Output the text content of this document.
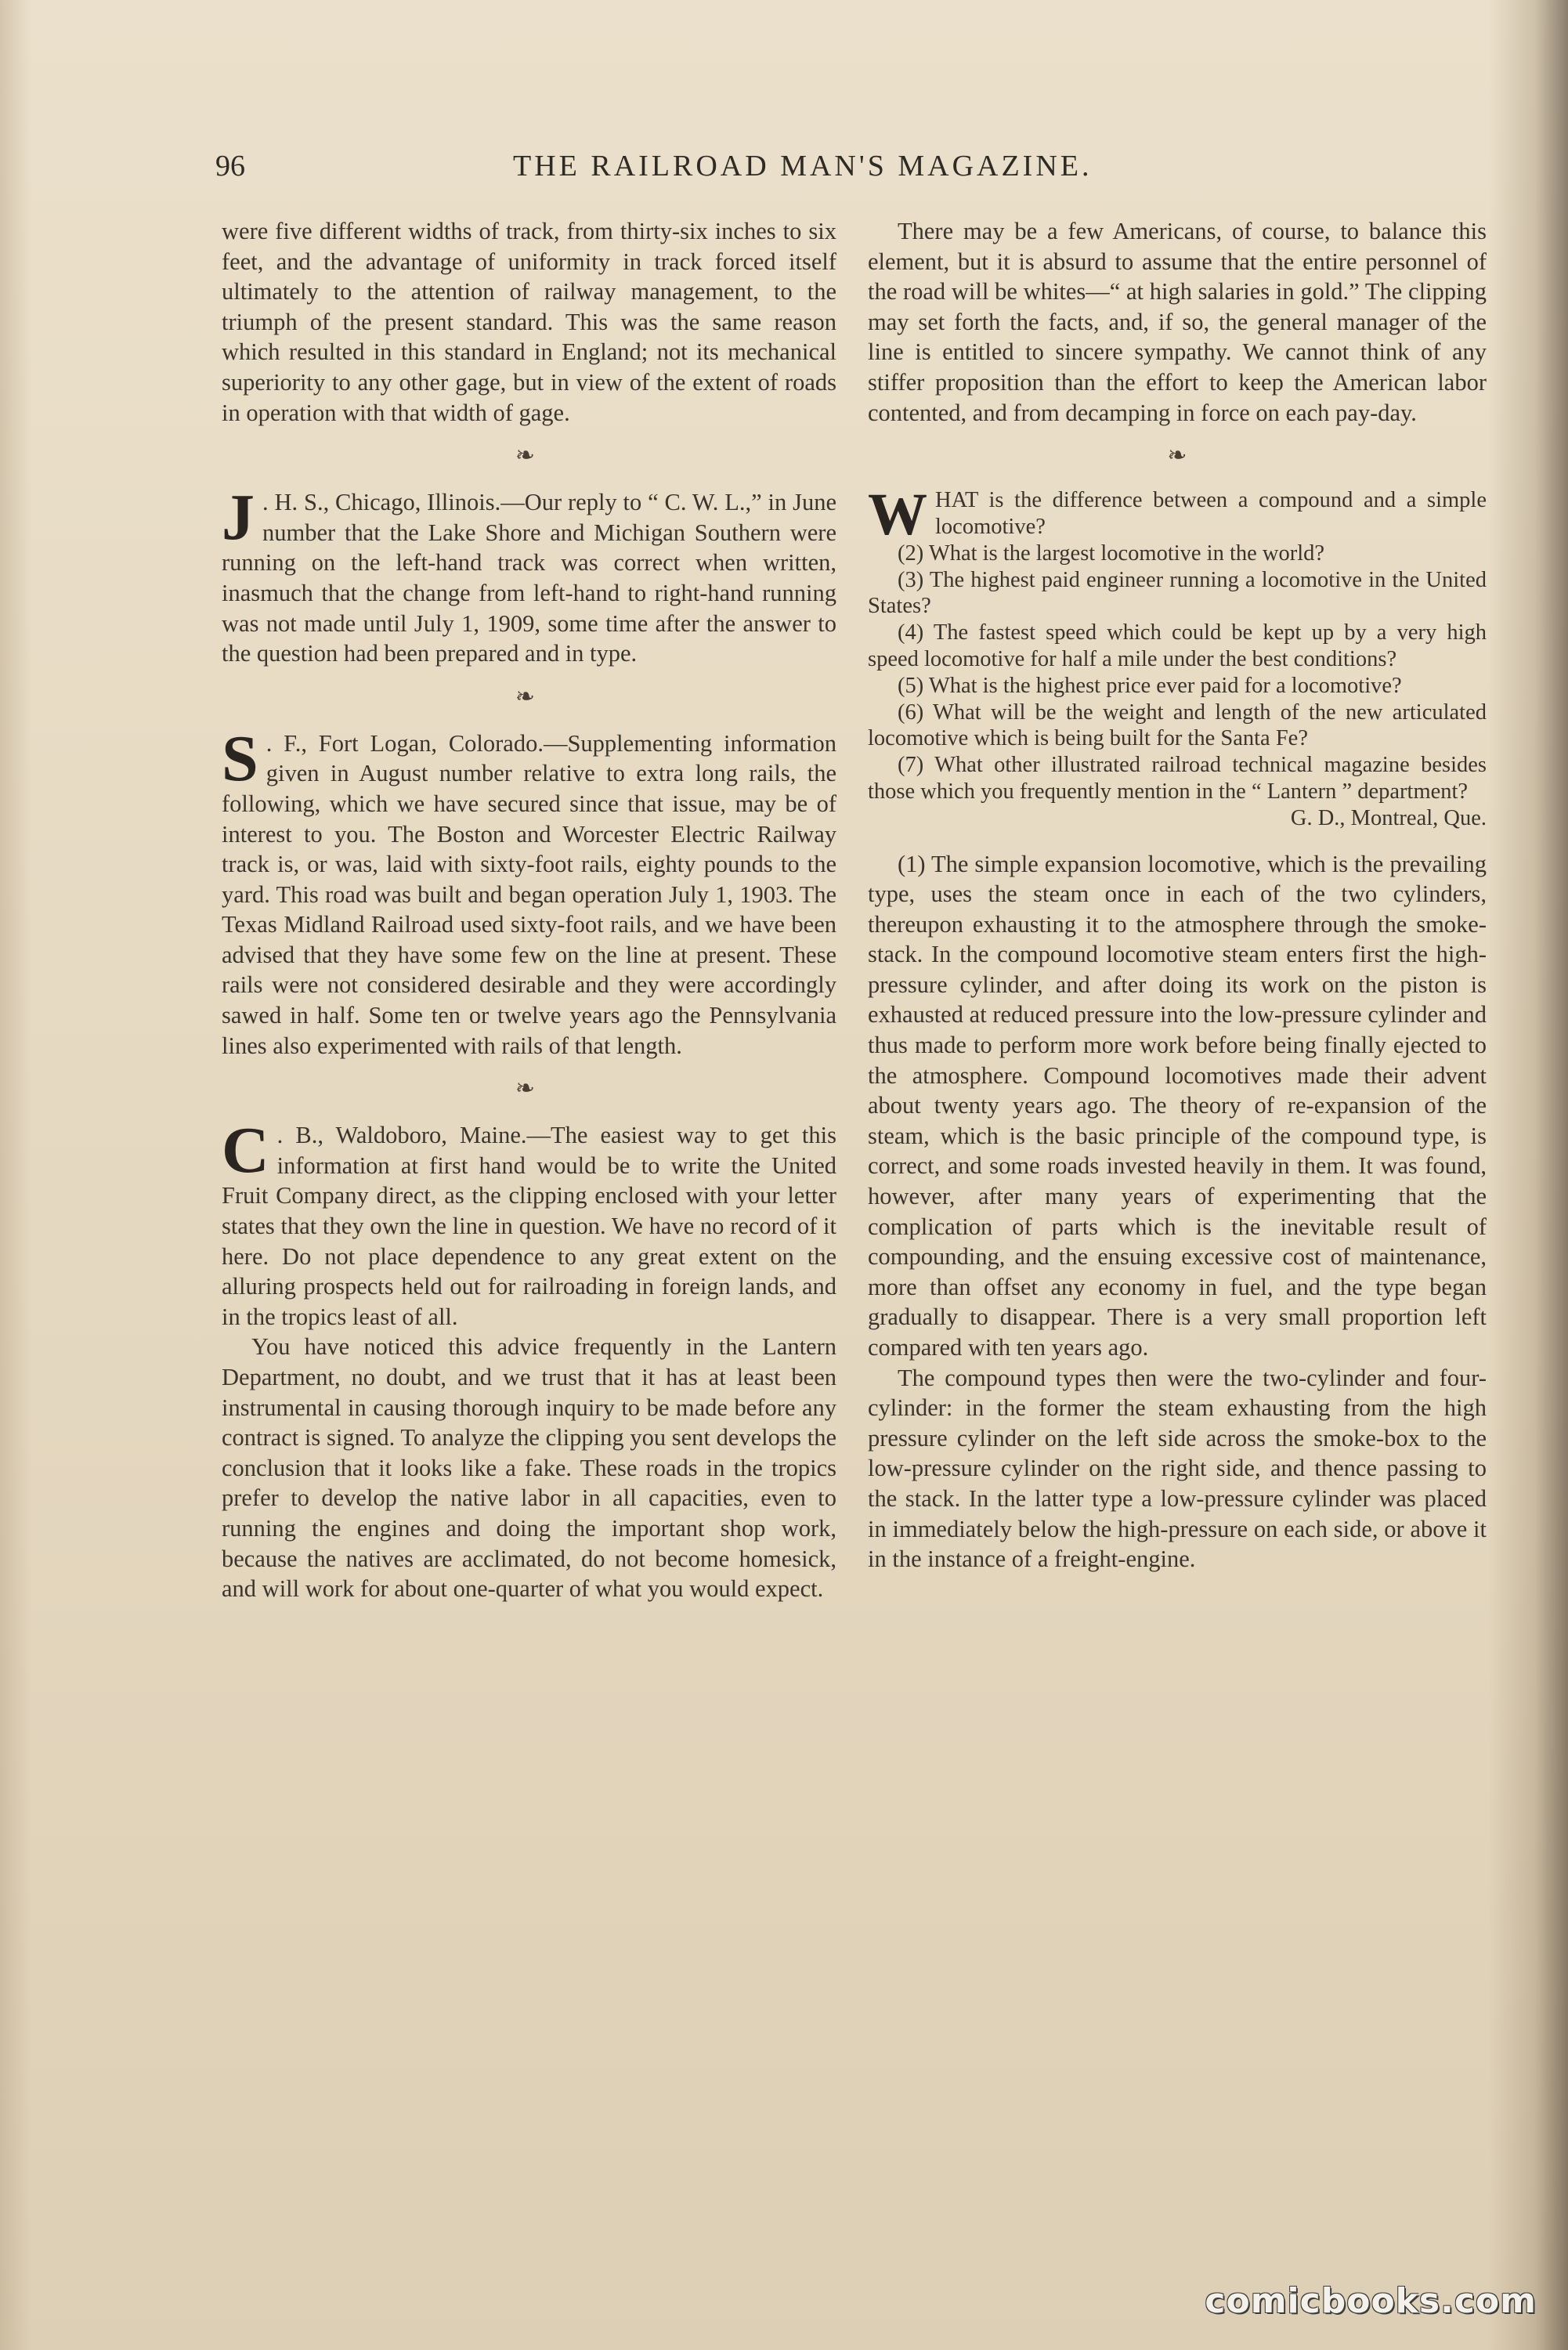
96	THE RAILROAD MAN'S MAGAZINE.

were five different widths of track, from thirty-six inches to six feet, and the advantage of uniformity in track forced itself ultimately to the attention of railway management, to the triumph of the present standard. This was the same reason which resulted in this standard in England; not its mechanical superiority to any other gage, but in view of the extent of roads in operation with that width of gage.

❧

J . H. S., Chicago, Illinois.—Our reply to “ C. W. L.,” in June number that the Lake Shore and Michigan Southern were running on the left-hand track was correct when written, inasmuch that the change from left-hand to right-hand running was not made until July 1, 1909, some time after the answer to the question had been prepared and in type.

❧

S . F., Fort Logan, Colorado.—Supplementing information given in August number relative to extra long rails, the following, which we have secured since that issue, may be of interest to you. The Boston and Worcester Electric Railway track is, or was, laid with sixty-foot rails, eighty pounds to the yard. This road was built and began operation July 1, 1903. The Texas Midland Railroad used sixty-foot rails, and we have been advised that they have some few on the line at present. These rails were not considered desirable and they were accordingly sawed in half. Some ten or twelve years ago the Pennsylvania lines also experimented with rails of that length.

❧

C . B., Waldoboro, Maine.—The easiest way to get this information at first hand would be to write the United Fruit Company direct, as the clipping enclosed with your letter states that they own the line in question. We have no record of it here. Do not place dependence to any great extent on the alluring prospects held out for railroading in foreign lands, and in the tropics least of all.

You have noticed this advice frequently in the Lantern Department, no doubt, and we trust that it has at least been instrumental in causing thorough inquiry to be made before any contract is signed. To analyze the clipping you sent develops the conclusion that it looks like a fake. These roads in the tropics prefer to develop the native labor in all capacities, even to running the engines and doing the important shop work, because the natives are acclimated, do not become homesick, and will work for about one-quarter of what you would expect.

There may be a few Americans, of course, to balance this element, but it is absurd to assume that the entire personnel of the road will be whites—“ at high salaries in gold.” The clipping may set forth the facts, and, if so, the general manager of the line is entitled to sincere sympathy. We cannot think of any stiffer proposition than the effort to keep the American labor contented, and from decamping in force on each pay-day.

❧

WHAT is the difference between a compound and a simple locomotive?

(2) What is the largest locomotive in the world?

(3) The highest paid engineer running a locomotive in the United States?

(4) The fastest speed which could be kept up by a very high speed locomotive for half a mile under the best conditions?

(5) What is the highest price ever paid for a locomotive?

(6) What will be the weight and length of the new articulated locomotive which is being built for the Santa Fe?

(7) What other illustrated railroad technical magazine besides those which you frequently mention in the “ Lantern ” department?

G. D., Montreal, Que.

(1) The simple expansion locomotive, which is the prevailing type, uses the steam once in each of the two cylinders, thereupon exhausting it to the atmosphere through the smoke-stack. In the compound locomotive steam enters first the high-pressure cylinder, and after doing its work on the piston is exhausted at reduced pressure into the low-pressure cylinder and thus made to perform more work before being finally ejected to the atmosphere. Compound locomotives made their advent about twenty years ago. The theory of re-expansion of the steam, which is the basic principle of the compound type, is correct, and some roads invested heavily in them. It was found, however, after many years of experimenting that the complication of parts which is the inevitable result of compounding, and the ensuing excessive cost of maintenance, more than offset any economy in fuel, and the type began gradually to disappear. There is a very small proportion left compared with ten years ago.

The compound types then were the two-cylinder and four-cylinder: in the former the steam exhausting from the high pressure cylinder on the left side across the smoke-box to the low-pressure cylinder on the right side, and thence passing to the stack. In the latter type a low-pressure cylinder was placed in immediately below the high-pressure on each side, or above it in the instance of a freight-engine.

comicbooks.com
